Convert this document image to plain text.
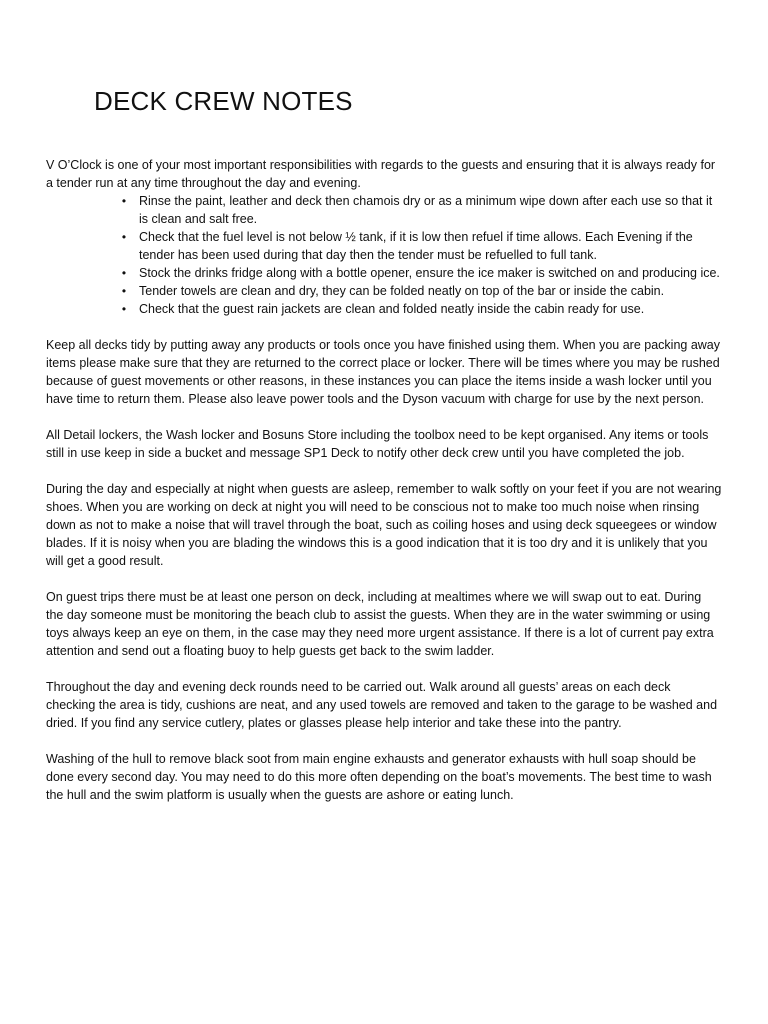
DECK CREW NOTES

V O’Clock is one of your most important responsibilities with regards to the guests and ensuring that it is always ready for a tender run at any time throughout the day and evening.

• Rinse the paint, leather and deck then chamois dry or as a minimum wipe down after each use so that it is clean and salt free.
• Check that the fuel level is not below ½ tank, if it is low then refuel if time allows. Each Evening if the tender has been used during that day then the tender must be refuelled to full tank.
• Stock the drinks fridge along with a bottle opener, ensure the ice maker is switched on and producing ice.
• Tender towels are clean and dry, they can be folded neatly on top of the bar or inside the cabin.
• Check that the guest rain jackets are clean and folded neatly inside the cabin ready for use.

Keep all decks tidy by putting away any products or tools once you have finished using them. When you are packing away items please make sure that they are returned to the correct place or locker. There will be times where you may be rushed because of guest movements or other reasons, in these instances you can place the items inside a wash locker until you have time to return them. Please also leave power tools and the Dyson vacuum with charge for use by the next person.

All Detail lockers, the Wash locker and Bosuns Store including the toolbox need to be kept organised. Any items or tools still in use keep in side a bucket and message SP1 Deck to notify other deck crew until you have completed the job.

During the day and especially at night when guests are asleep, remember to walk softly on your feet if you are not wearing shoes. When you are working on deck at night you will need to be conscious not to make too much noise when rinsing down as not to make a noise that will travel through the boat, such as coiling hoses and using deck squeegees or window blades. If it is noisy when you are blading the windows this is a good indication that it is too dry and it is unlikely that you will get a good result.

On guest trips there must be at least one person on deck, including at mealtimes where we will swap out to eat. During the day someone must be monitoring the beach club to assist the guests. When they are in the water swimming or using toys always keep an eye on them, in the case may they need more urgent assistance. If there is a lot of current pay extra attention and send out a floating buoy to help guests get back to the swim ladder.

Throughout the day and evening deck rounds need to be carried out. Walk around all guests’ areas on each deck checking the area is tidy, cushions are neat, and any used towels are removed and taken to the garage to be washed and dried. If you find any service cutlery, plates or glasses please help interior and take these into the pantry.

Washing of the hull to remove black soot from main engine exhausts and generator exhausts with hull soap should be done every second day. You may need to do this more often depending on the boat’s movements. The best time to wash the hull and the swim platform is usually when the guests are ashore or eating lunch.
